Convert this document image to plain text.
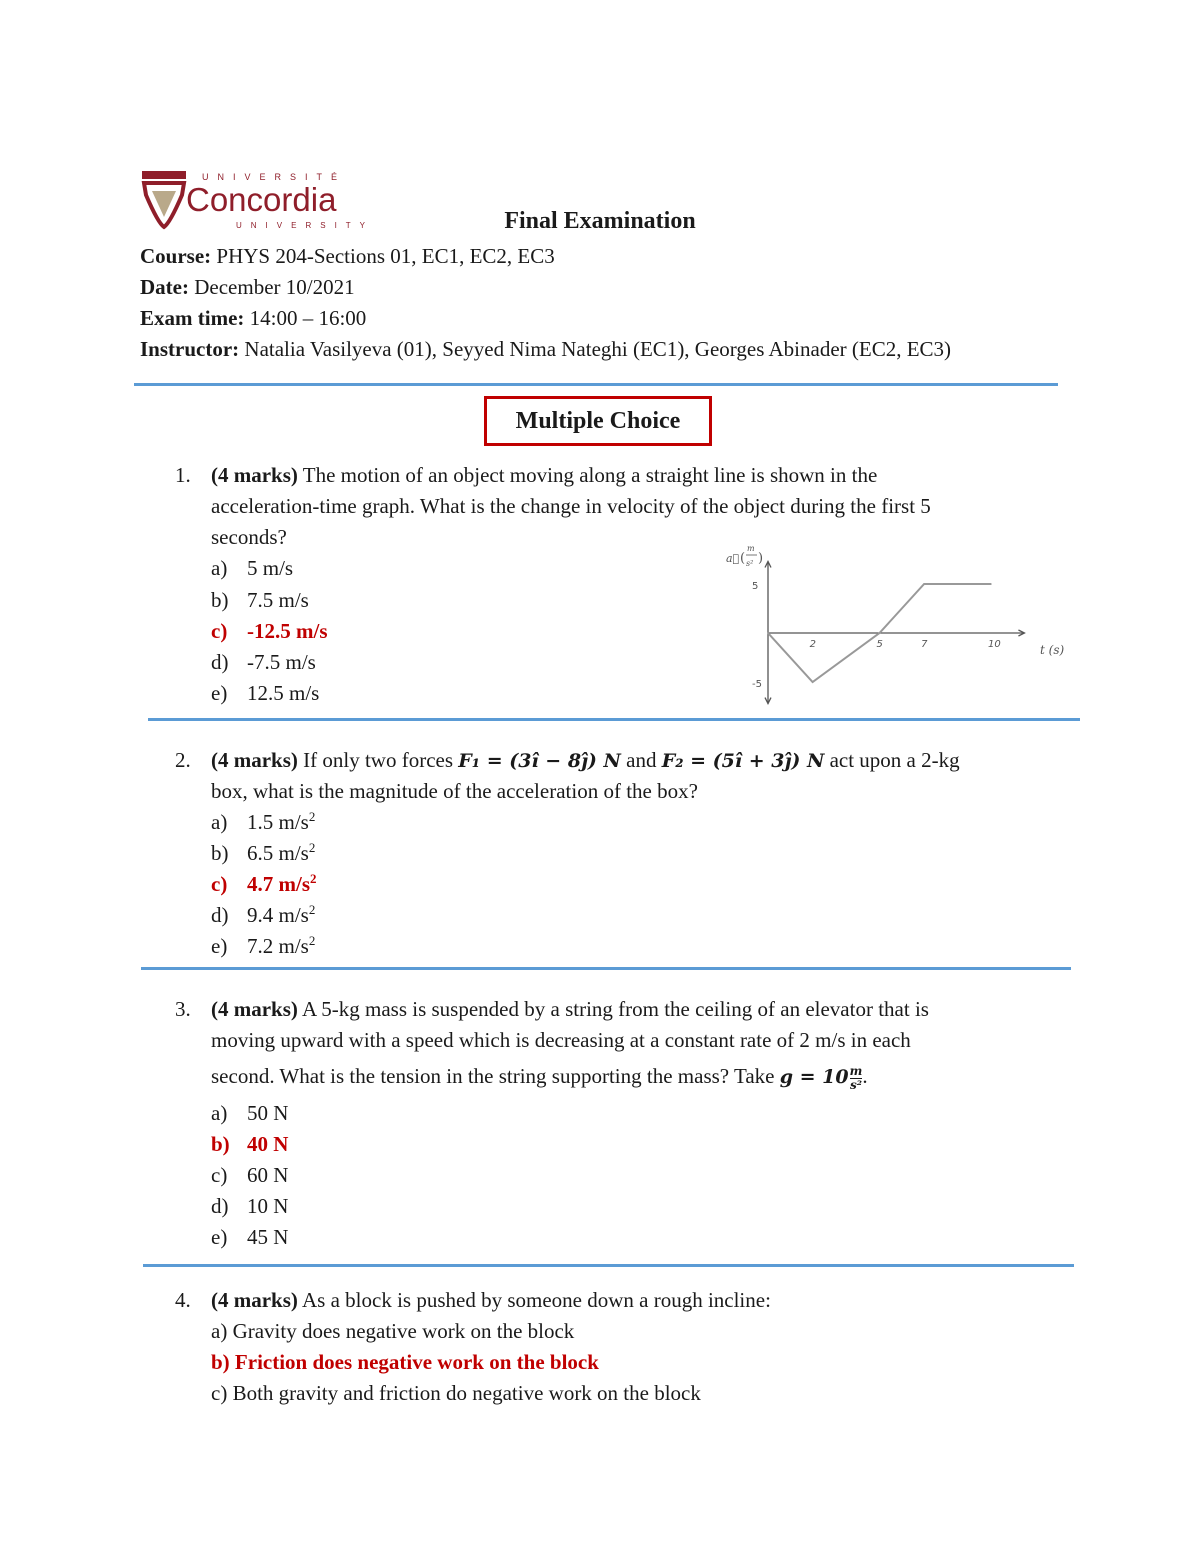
UNIVERSITÉ
Concordia
UNIVERSITY	Final Examination
Course: PHYS 204-Sections 01, EC1, EC2, EC3
Date: December 10/2021
Exam time: 14:00 – 16:00
Instructor: Natalia Vasilyeva (01), Seyyed Nima Nateghi (EC1), Georges Abinader (EC2, EC3)
Multiple Choice
1. (4 marks) The motion of an object moving along a straight line is shown in the
acceleration-time graph. What is the change in velocity of the object during the first 5
seconds?
a) 5 m/s
b) 7.5 m/s
c) -12.5 m/s
d) -7.5 m/s
e) 12.5 m/s
a⃗ (
m
s² )
t (s)
2	5	7	10
5
-5
2. (4 marks) If only two forces F₁ = (3î − 8ĵ) N and F₂ = (5î + 3ĵ) N act upon a 2-kg
box, what is the magnitude of the acceleration of the box?
a) 1.5 $m/s^2$
b) 6.5 $m/s^2$
c) 4.7 $m/s^2$
d) 9.4 $m/s^2$
e) 7.2 $m/s^2$
3. (4 marks) A 5-kg mass is suspended by a string from the ceiling of an elevator that is
moving upward with a speed which is decreasing at a constant rate of 2 m/s in each
second. What is the tension in the string supporting the mass? Take $g = 10 \frac{m}{\text{s²}}$ .
a) 50 N
b) 40 N
c) 60 N
d) 10 N
e) 45 N
4. (4 marks) As a block is pushed by someone down a rough incline:
a) Gravity does negative work on the block
b) Friction does negative work on the block
c) Both gravity and friction do negative work on the block
